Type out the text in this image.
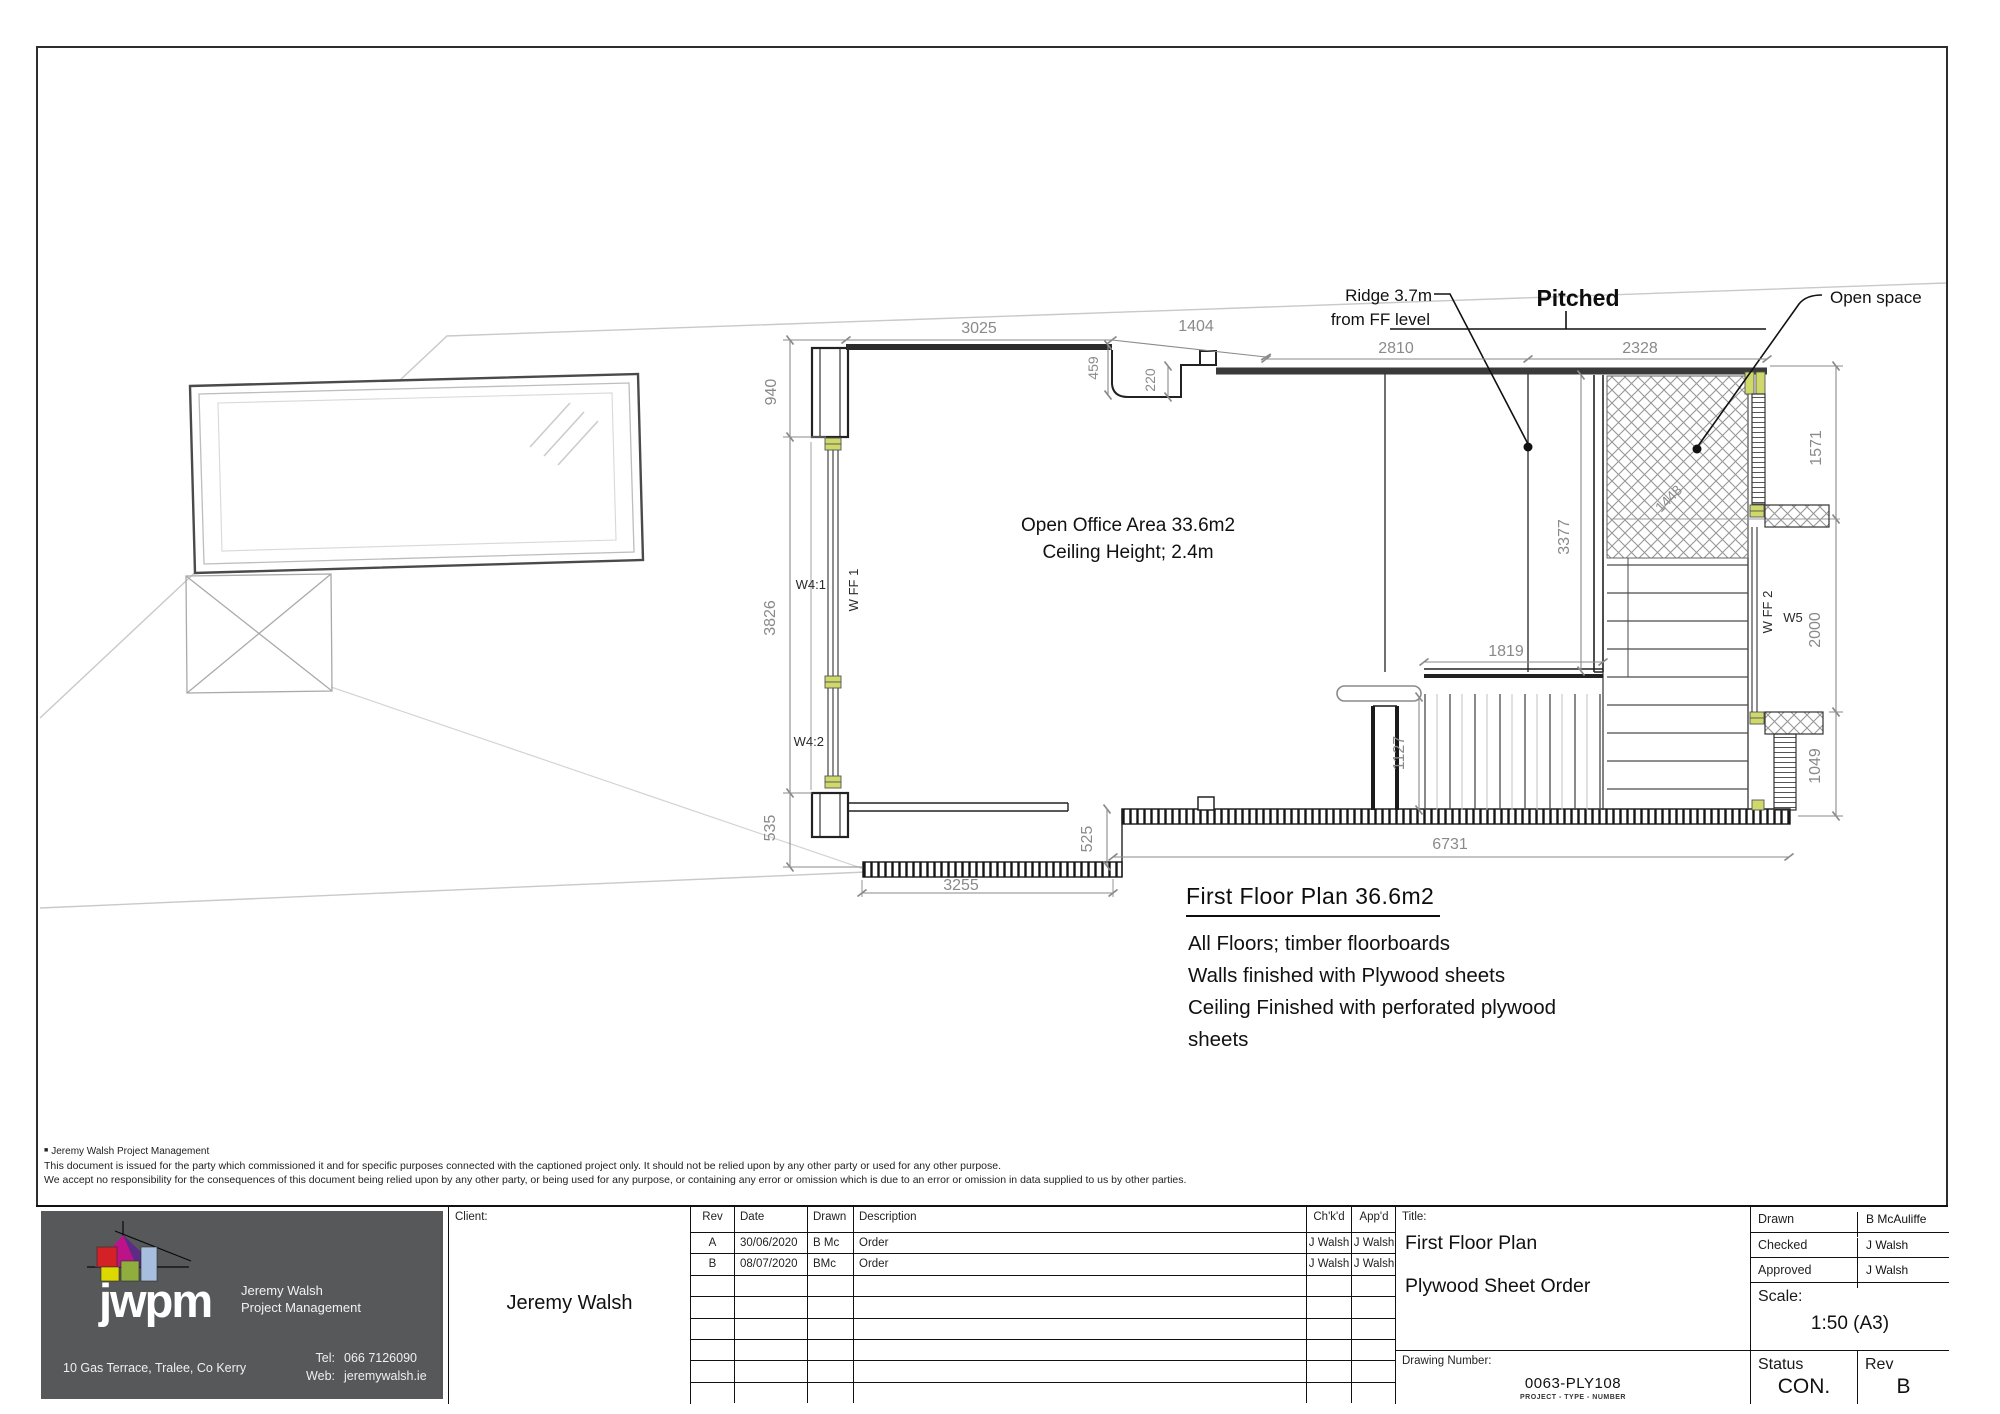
3025	1404
2810	2328
940
3826
535
459
220
1571
2000
1049
3377
1819
1127
1448
6731
525
3255
W4:1
W4:2
W FF 1
W FF 2 W5
Ridge 3.7m
from FF level
Pitched	Open space
Open Office Area 33.6m2
Ceiling Height; 2.4m
First Floor Plan 36.6m2
All Floors; timber floorboards
Walls finished with Plywood sheets
Ceiling Finished with perforated plywood sheets
■ Jeremy Walsh Project Management
This document is issued for the party which commissioned it and for specific purposes connected with the captioned project only. It should not be relied upon by any other party or used for any other purpose.
We accept no responsibility for the consequences of this document being relied upon by any other party, or being used for any purpose, or containing any error or omission which is due to an error or omission in data supplied to us by other parties.
jwpm Jeremy Walsh
Project Management
10 Gas Terrace, Tralee, Co Kerry
Tel: 066 7126090
Web: jeremywalsh.ie
Client:
Jeremy Walsh
Rev	Date	Drawn	Description	Ch'k'd	App'd
A	30/06/2020	B Mc	Order	J Walsh J Walsh
B	08/07/2020	BMc	Order	J Walsh J Walsh
Title:
First Floor Plan
Plywood Sheet Order
Drawing Number:
0063-PLY108
PROJECT - TYPE - NUMBER
Drawn	B McAuliffe
Checked	J Walsh
Approved	J Walsh
Scale:
1:50 (A3)
Status
CON.
Rev
B
